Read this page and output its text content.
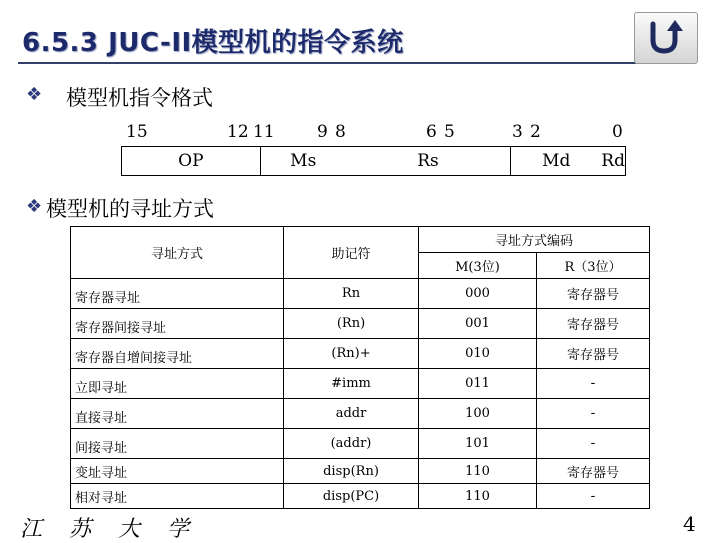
6.5.3 JUC-II模型机的指令系统
❖ 模型机指令格式
15	12 11 9 8	6 5	3 2	0
OP	Ms	Rs	Md	Rd
❖ 模型机的寻址方式
寻址方式	助记符	寻址方式编码	
		M(3位)	R（3位）
寄存器寻址	Rn	000	寄存器号
寄存器间接寻址	(Rn)	001	寄存器号
寄存器自增间接寻址	(Rn)+	010	寄存器号
立即寻址	#imm	011	-
直接寻址	addr	100	-
间接寻址	(addr)	101	-
变址寻址	disp(Rn)	110	寄存器号
相对寻址	disp(PC)	110	-
江 苏 大 学	4
